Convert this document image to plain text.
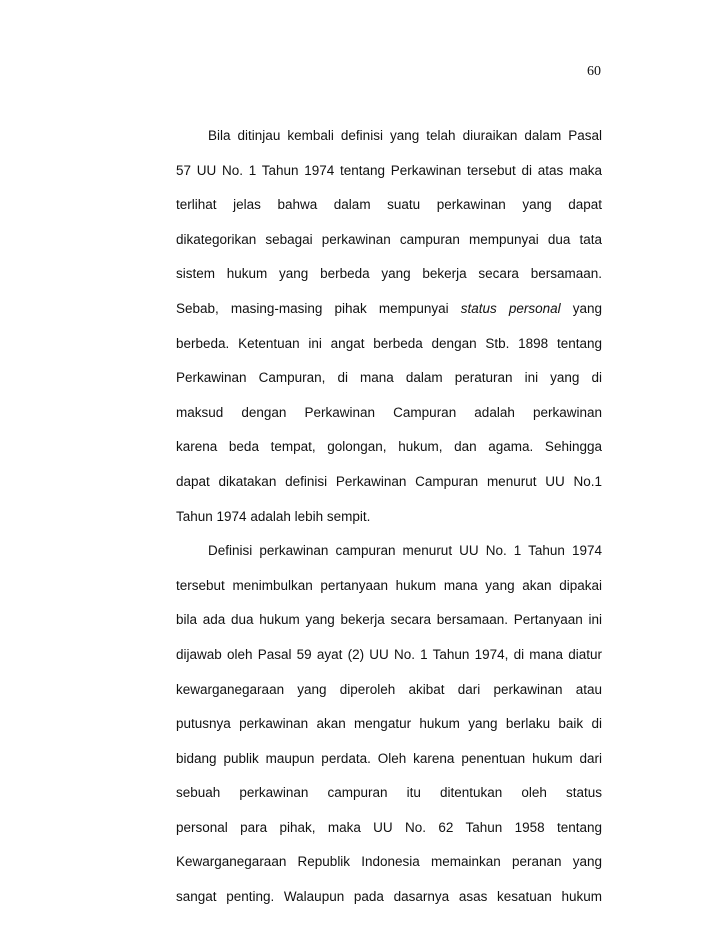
60
Bila ditinjau kembali definisi yang telah diuraikan dalam Pasal
57 UU No. 1 Tahun 1974 tentang Perkawinan tersebut di atas maka
terlihat jelas bahwa dalam suatu perkawinan yang dapat
dikategorikan sebagai perkawinan campuran mempunyai dua tata
sistem hukum yang berbeda yang bekerja secara bersamaan.
Sebab, masing-masing pihak mempunyai status personal yang
berbeda. Ketentuan ini angat berbeda dengan Stb. 1898 tentang
Perkawinan Campuran, di mana dalam peraturan ini yang di
maksud dengan Perkawinan Campuran adalah perkawinan
karena beda tempat, golongan, hukum, dan agama. Sehingga
dapat dikatakan definisi Perkawinan Campuran menurut UU No.1
Tahun 1974 adalah lebih sempit.
Definisi perkawinan campuran menurut UU No. 1 Tahun 1974
tersebut menimbulkan pertanyaan hukum mana yang akan dipakai
bila ada dua hukum yang bekerja secara bersamaan. Pertanyaan ini
dijawab oleh Pasal 59 ayat (2) UU No. 1 Tahun 1974, di mana diatur
kewarganegaraan yang diperoleh akibat dari perkawinan atau
putusnya perkawinan akan mengatur hukum yang berlaku baik di
bidang publik maupun perdata. Oleh karena penentuan hukum dari
sebuah perkawinan campuran itu ditentukan oleh status
personal para pihak, maka UU No. 62 Tahun 1958 tentang
Kewarganegaraan Republik Indonesia memainkan peranan yang
sangat penting. Walaupun pada dasarnya asas kesatuan hukum
